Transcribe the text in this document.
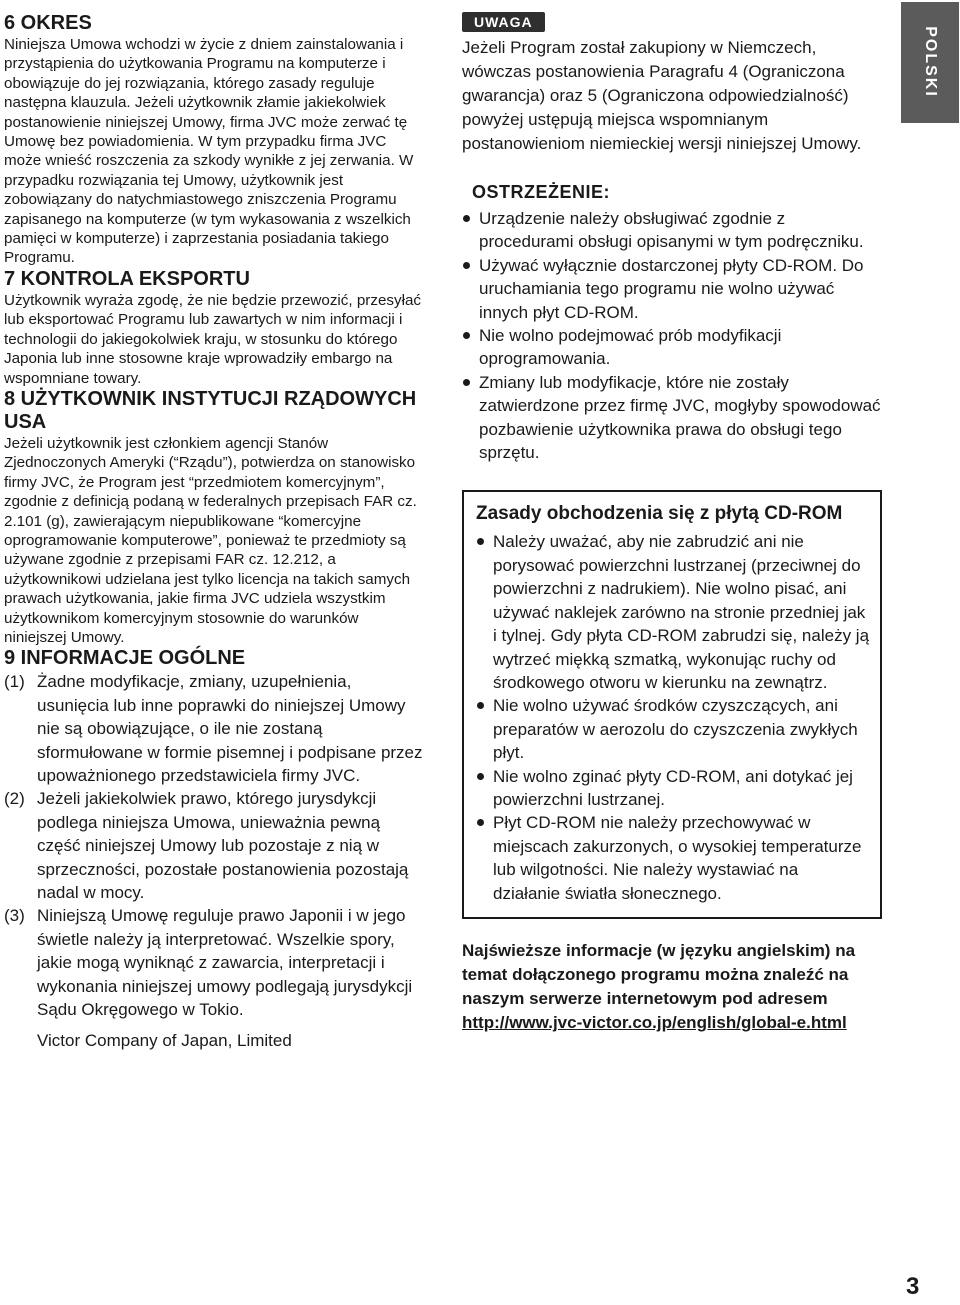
6 OKRES

Niniejsza Umowa wchodzi w życie z dniem zainstalowania i przystąpienia do użytkowania Programu na komputerze i obowiązuje do jej rozwiązania, którego zasady reguluje następna klauzula. Jeżeli użytkownik złamie jakiekolwiek postanowienie niniejszej Umowy, firma JVC może zerwać tę Umowę bez powiadomienia. W tym przypadku firma JVC może wnieść roszczenia za szkody wynikłe z jej zerwania. W przypadku rozwiązania tej Umowy, użytkownik jest zobowiązany do natychmiastowego zniszczenia Programu zapisanego na komputerze (w tym wykasowania z wszelkich pamięci w komputerze) i zaprzestania posiadania takiego Programu.

7 KONTROLA EKSPORTU

Użytkownik wyraża zgodę, że nie będzie przewozić, przesyłać lub eksportować Programu lub zawartych w nim informacji i technologii do jakiegokolwiek kraju, w stosunku do którego Japonia lub inne stosowne kraje wprowadziły embargo na wspomniane towary.

8 UŻYTKOWNIK INSTYTUCJI RZĄDOWYCH USA

Jeżeli użytkownik jest członkiem agencji Stanów Zjednoczonych Ameryki (“Rządu”), potwierdza on stanowisko firmy JVC, że Program jest “przedmiotem komercyjnym”, zgodnie z definicją podaną w federalnych przepisach FAR cz. 2.101 (g), zawierającym niepublikowane “komercyjne oprogramowanie komputerowe”, ponieważ te przedmioty są używane zgodnie z przepisami FAR cz. 12.212, a użytkownikowi udzielana jest tylko licencja na takich samych prawach użytkowania, jakie firma JVC udziela wszystkim użytkownikom komercyjnym stosownie do warunków niniejszej Umowy.

9 INFORMACJE OGÓLNE
(1) Żadne modyfikacje, zmiany, uzupełnienia, usunięcia lub inne poprawki do niniejszej Umowy nie są obowiązujące, o ile nie zostaną sformułowane w formie pisemnej i podpisane przez upoważnionego przedstawiciela firmy JVC.
(2) Jeżeli jakiekolwiek prawo, którego jurysdykcji podlega niniejsza Umowa, unieważnia pewną część niniejszej Umowy lub pozostaje z nią w sprzeczności, pozostałe postanowienia pozostają nadal w mocy.
(3) Niniejszą Umowę reguluje prawo Japonii i w jego świetle należy ją interpretować. Wszelkie spory, jakie mogą wyniknąć z zawarcia, interpretacji i wykonania niniejszej umowy podlegają jurysdykcji Sądu Okręgowego w Tokio.
Victor Company of Japan, Limited
UWAGA

Jeżeli Program został zakupiony w Niemczech, wówczas postanowienia Paragrafu 4 (Ograniczona gwarancja) oraz 5 (Ograniczona odpowiedzialność) powyżej ustępują miejsca wspomnianym postanowieniom niemieckiej wersji niniejszej Umowy.

OSTRZEŻENIE:
Urządzenie należy obsługiwać zgodnie z procedurami obsługi opisanymi w tym podręczniku.
Używać wyłącznie dostarczonej płyty CD-ROM. Do uruchamiania tego programu nie wolno używać innych płyt CD-ROM.
Nie wolno podejmować prób modyfikacji oprogramowania.
Zmiany lub modyfikacje, które nie zostały zatwierdzone przez firmę JVC, mogłyby spowodować pozbawienie użytkownika prawa do obsługi tego sprzętu.
Zasady obchodzenia się z płytą CD-ROM
Należy uważać, aby nie zabrudzić ani nie porysować powierzchni lustrzanej (przeciwnej do powierzchni z nadrukiem). Nie wolno pisać, ani używać naklejek zarówno na stronie przedniej jak i tylnej. Gdy płyta CD-ROM zabrudzi się, należy ją wytrzeć miękką szmatką, wykonując ruchy od środkowego otworu w kierunku na zewnątrz.
Nie wolno używać środków czyszczących, ani preparatów w aerozolu do czyszczenia zwykłych płyt.
Nie wolno zginać płyty CD-ROM, ani dotykać jej powierzchni lustrzanej.
Płyt CD-ROM nie należy przechowywać w miejscach zakurzonych, o wysokiej temperaturze lub wilgotności. Nie należy wystawiać na działanie światła słonecznego.
Najświeższe informacje (w języku angielskim) na temat dołączonego programu można znaleźć na naszym serwerze internetowym pod adresem
http://www.jvc-victor.co.jp/english/global-e.html
POLSKI
3
